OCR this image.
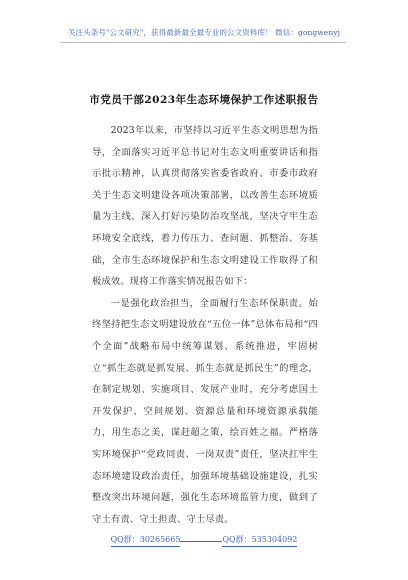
关注头条号"公文研究"，获得最新最全最专业的公文资料库！ 微信：gongwenyj
市党员干部2023年生态环境保护工作述职报告

2023年以来，市坚持以习近平生态文明思想为指导，全面落实习近平总书记对生态文明重要讲话和指示批示精神，认真贯彻落实省委省政府、市委市政府关于生态文明建设各项决策部署，以改善生态环境质量为主线，深入打好污染防治攻坚战，坚决守牢生态环境安全底线，着力传压力、查问题、抓整治、夯基础，全市生态环境保护和生态文明建设工作取得了积极成效。现将工作落实情况报告如下：

一是强化政治担当，全面履行生态环保职责。始终坚持把生态文明建设放在“五位一体”总体布局和“四个全面”战略布局中统筹谋划、系统推进，牢固树立“抓生态就是抓发展、抓生态就是抓民生”的理念，在制定规划、实施项目、发展产业时，充分考虑国土开发保护、空间规划、资源总量和环境资源承载能力，用生态之美，谋赶超之策，绘百姓之福。严格落实环境保护“党政同责、一岗双责”责任，坚决扛牢生态环境建设政治责任，加强环境基础设施建设，扎实整改突出环境问题，强化生态环境监管力度，做到了守土有责、守土担责、守土尽责。

QQ群：30265665	QQ群：535304092
